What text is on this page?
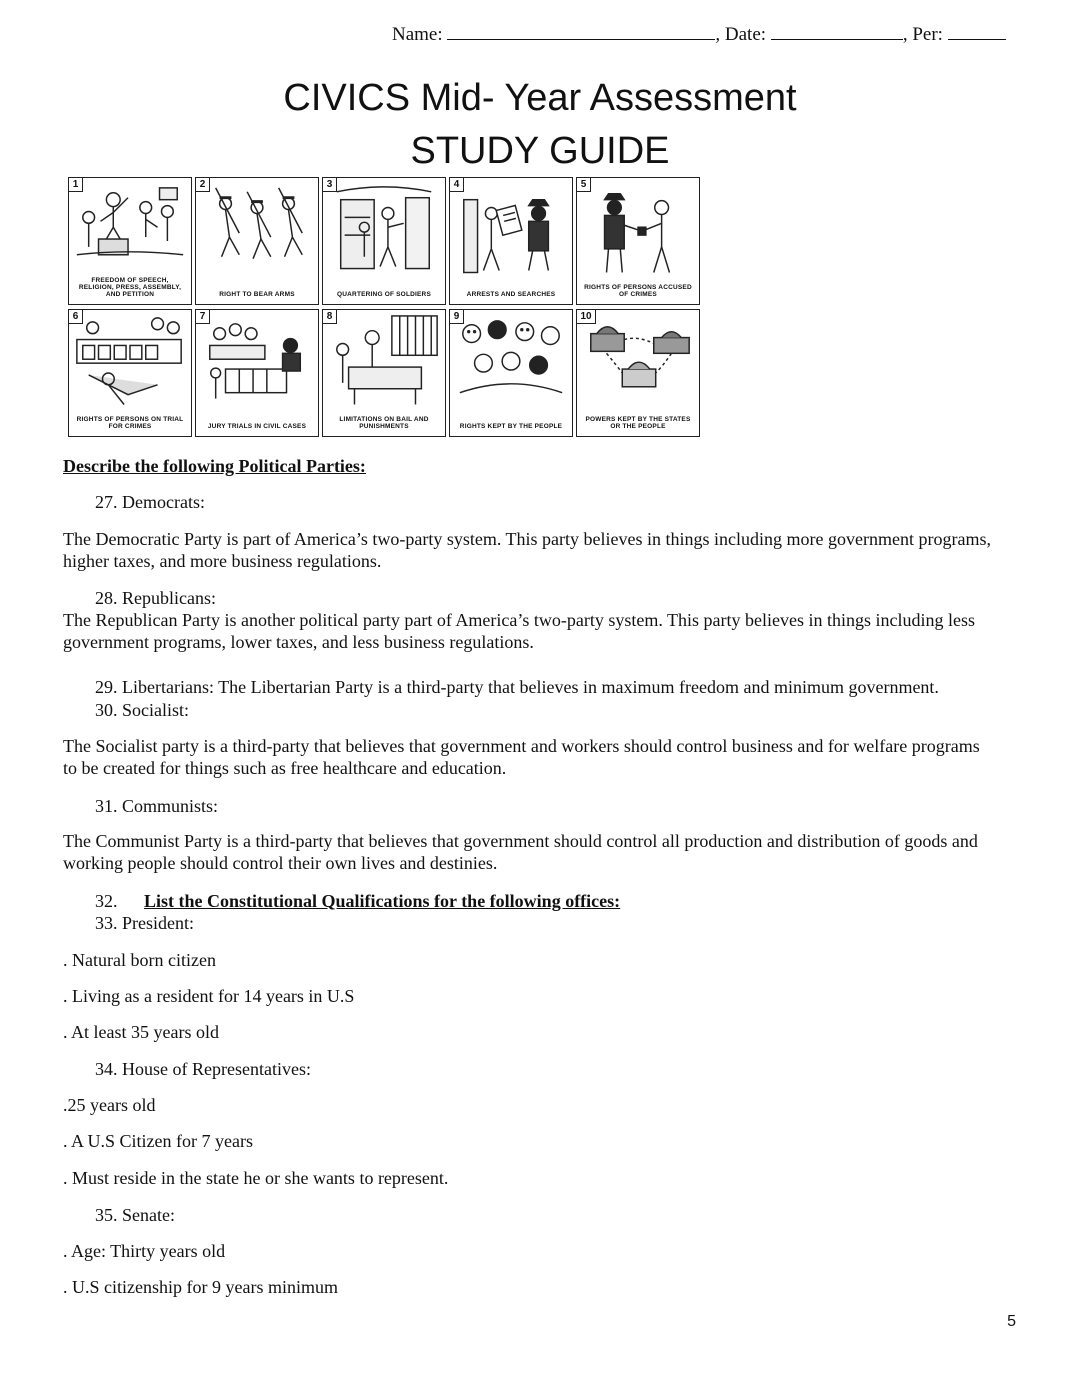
Name:	, Date:	, Per:
CIVICS Mid- Year Assessment
STUDY GUIDE
1
FREEDOM OF SPEECH, RELIGION, PRESS, ASSEMBLY, AND PETITION
2
RIGHT TO BEAR ARMS
3
QUARTERING OF SOLDIERS
4
ARRESTS AND SEARCHES
5
RIGHTS OF PERSONS ACCUSED OF CRIMES
6
RIGHTS OF PERSONS ON TRIAL FOR CRIMES
7
JURY TRIALS IN CIVIL CASES
8
LIMITATIONS ON BAIL AND PUNISHMENTS
9
RIGHTS KEPT BY THE PEOPLE
10
POWERS KEPT BY THE STATES OR THE PEOPLE
Describe the following Political Parties:
27. Democrats:
The Democratic Party is part of America’s two-party system. This party believes in things including more government programs, higher taxes, and more business regulations.
28. Republicans:
The Republican Party is another political party part of America’s two-party system. This party believes in things including less government programs, lower taxes, and less business regulations.
29. Libertarians: The Libertarian Party is a third-party that believes in maximum freedom and minimum government.
30. Socialist:
The Socialist party is a third-party that believes that government and workers should control business and for welfare programs to be created for things such as free healthcare and education.
31. Communists:
The Communist Party is a third-party that believes that government should control all production and distribution of goods and working people should control their own lives and destinies.
32. List the Constitutional Qualifications for the following offices:
33. President:
. Natural born citizen
. Living as a resident for 14 years in U.S
. At least 35 years old
34. House of Representatives:
.25 years old
. A U.S Citizen for 7 years
. Must reside in the state he or she wants to represent.
35. Senate:
. Age: Thirty years old
. U.S citizenship for 9 years minimum
5
